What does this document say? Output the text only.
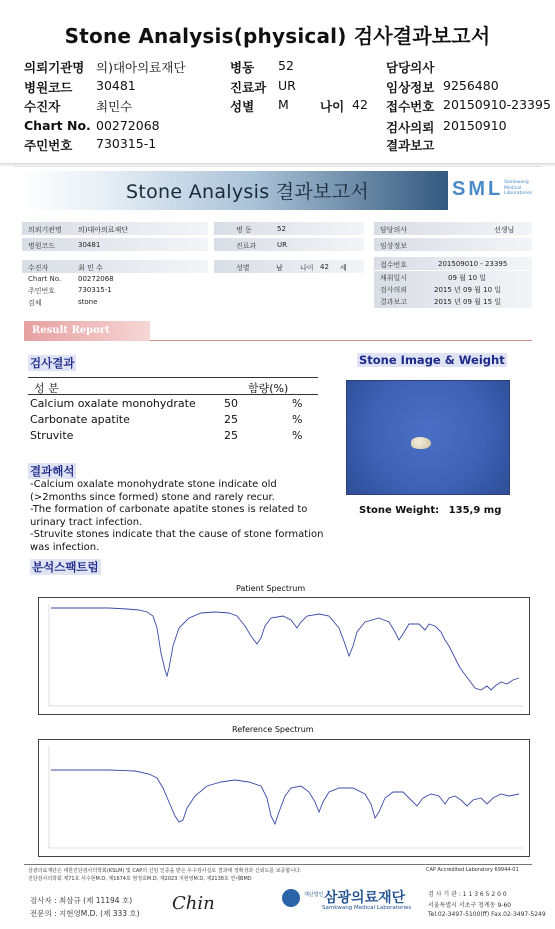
Stone Analysis(physical) 검사결과보고서
의뢰기관명 의)대아의료재단	병동 52	담당의사
병원코드 30481	진료과 UR	임상정보 9256480
수진자	최민수	성별 M 나이 42 접수번호 20150910-23395
Chart No. 00272068	검사의뢰 20150910
주민번호 730315-1	결과보고
Stone Analysis 결과보고서	SML Samkwang Medical Laboratories
의뢰기관명 의)대아의료재단
병원코드	30481
병 동	52
진료과	UR
담당의사	선생님
임상정보
수진자	최 민 수
Chart No. 00272068
주민번호	730315-1
검체	stone
성별	남 나이 42 세	접수번호	201509010 - 23395
채취일시	09 월 10 일
검사의뢰	2015 년 09 월 10 일
결과보고	2015 년 09 월 15 일
Result Report
검사결과
성 분	함량(%)
Calcium oxalate monohydrate	50	%
Carbonate apatite	25	%
Struvite	25	%
결과해석
-Calcium oxalate monohydrate stone indicate old
(>2months since formed) stone and rarely recur.
-The formation of carbonate apatite stones is related to
urinary tract infection.
-Struvite stones indicate that the cause of stone formation
was infection.
Stone Image & Weight
Stone Weight: 135,9 mg
분석스팩트럼
Patient Spectrum
Reference Spectrum
삼광의료재단은 대한진단검사의학회(KSLM) 및 CAP의 신임 인증을 받은 우수검사실로 결과에 정확성과 신뢰도를 보증합니다.
진단검사의학회 제71호 서수현M.D, 제1674호 염정호M.D, 제2023 지현영M.D, 제2138호 연새BMD
CAP Accredited Laboratory 69944-01
검사자 : 최삼규 (제 11194 호)
전문의 : 지현영M.D. (제 333 호) Chin	재단법인 삼광의료재단
Samkwang Medical Laboratories
검 사 기 관 : 1 1 3 6 5 2 0 0
서울특별시 서초구 청계동 9-60
Tel.02-3497-5100(ff) Fax.02-3497-5249
